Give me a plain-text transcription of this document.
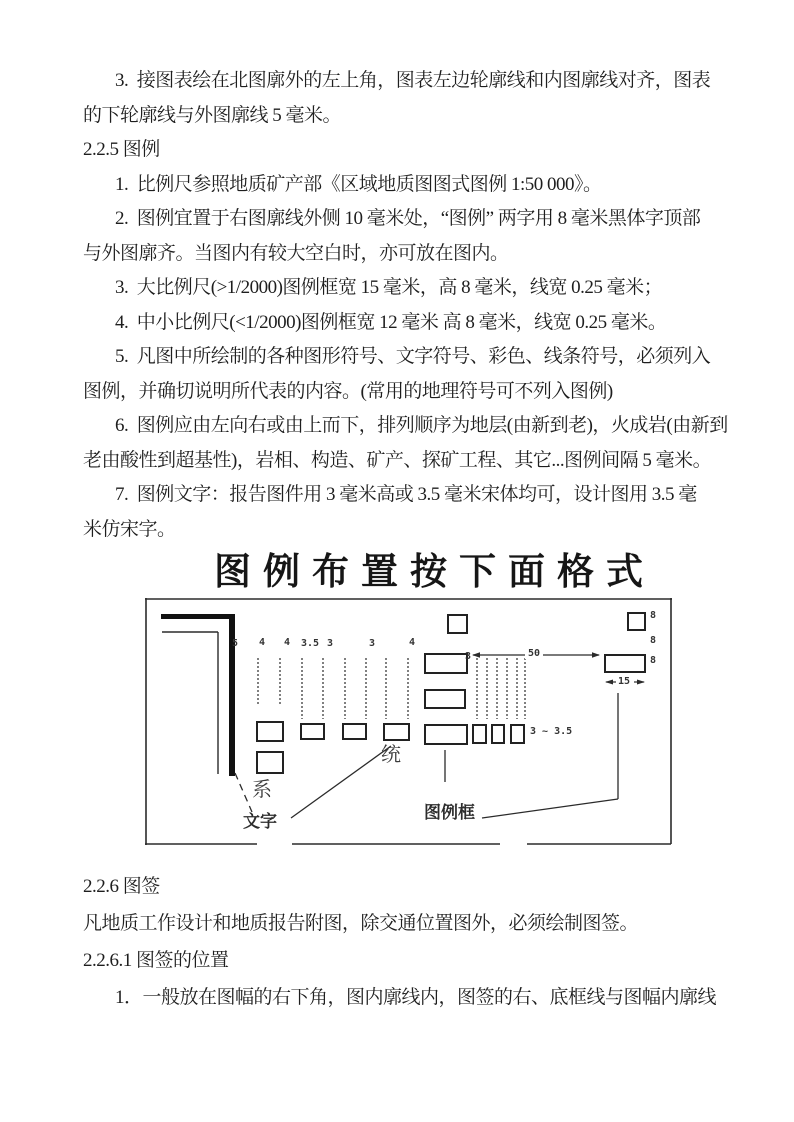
3.  接图表绘在北图廓外的左上角，图表左边轮廓线和内图廓线对齐，图表
的下轮廓线与外图廓线 5 毫米。
2.2.5 图例
1.  比例尺参照地质矿产部《区域地质图图式图例 1:50 000》。
2.  图例宜置于右图廓线外侧 10 毫米处，“图例” 两字用 8 毫米黑体字顶部
与外图廓齐。当图内有较大空白时，亦可放在图内。
3.  大比例尺(>1/2000)图例框宽 15 毫米，高 8 毫米，线宽 0.25 毫米；
4.  中小比例尺(<1/2000)图例框宽 12 毫米 高 8 毫米，线宽 0.25 毫米。
5.  凡图中所绘制的各种图形符号、文字符号、彩色、线条符号，必须列入
图例，并确切说明所代表的内容。(常用的地理符号可不列入图例)
6.  图例应由左向右或由上而下，排列顺序为地层(由新到老)，火成岩(由新到
老由酸性到超基性)，岩相、构造、矿产、探矿工程、其它...图例间隔 5 毫米。
7.  图例文字：报告图件用 3 毫米高或 3.5 毫米宋体均可，设计图用 3.5 毫
米仿宋字。
图例布置按下面格式
5 4 4 3.5 3	3	4
3	50
8
8
8
15
3 ~ 3.5
系
统
文字	图例框
2.2.6 图签
凡地质工作设计和地质报告附图，除交通位置图外，必须绘制图签。
2.2.6.1 图签的位置
1．一般放在图幅的右下角，图内廓线内，图签的右、底框线与图幅内廓线
